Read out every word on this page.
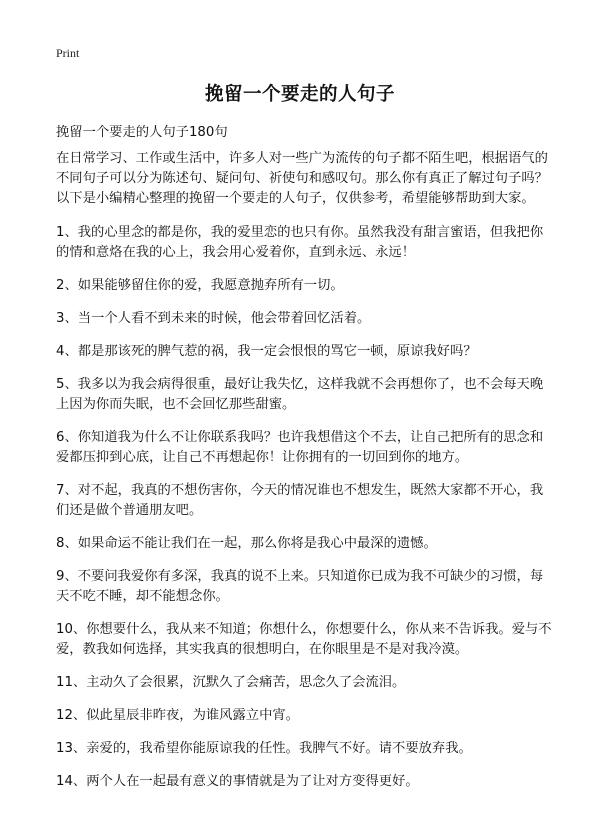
Print
挽留一个要走的人句子
挽留一个要走的人句子180句

在日常学习、工作或生活中，许多人对一些广为流传的句子都不陌生吧，根据语气的不同句子可以分为陈述句、疑问句、祈使句和感叹句。那么你有真正了解过句子吗？以下是小编精心整理的挽留一个要走的人句子，仅供参考，希望能够帮助到大家。

1、我的心里念的都是你，我的爱里恋的也只有你。虽然我没有甜言蜜语，但我把你的情和意烙在我的心上，我会用心爱着你，直到永远、永远！

2、如果能够留住你的爱，我愿意抛弃所有一切。

3、当一个人看不到未来的时候，他会带着回忆活着。

4、都是那该死的脾气惹的祸，我一定会恨恨的骂它一顿，原谅我好吗？

5、我多以为我会病得很重，最好让我失忆，这样我就不会再想你了，也不会每天晚上因为你而失眠，也不会回忆那些甜蜜。

6、你知道我为什么不让你联系我吗？也许我想借这个不去，让自己把所有的思念和爱都压抑到心底，让自己不再想起你！让你拥有的一切回到你的地方。

7、对不起，我真的不想伤害你，今天的情况谁也不想发生，既然大家都不开心，我们还是做个普通朋友吧。

8、如果命运不能让我们在一起，那么你将是我心中最深的遗憾。

9、不要问我爱你有多深，我真的说不上来。只知道你已成为我不可缺少的习惯，每天不吃不睡，却不能想念你。

10、你想要什么，我从来不知道；你想什么，你想要什么，你从来不告诉我。爱与不爱，教我如何选择，其实我真的很想明白，在你眼里是不是对我冷漠。

11、主动久了会很累，沉默久了会痛苦，思念久了会流泪。

12、似此星辰非昨夜，为谁风露立中宵。

13、亲爱的，我希望你能原谅我的任性。我脾气不好。请不要放弃我。

14、两个人在一起最有意义的事情就是为了让对方变得更好。
